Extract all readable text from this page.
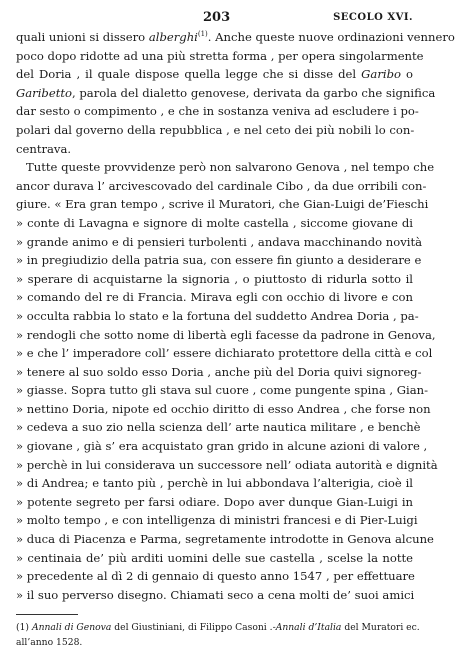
203	SECOLO XVI.
quali unioni si dissero alberghi$^{(1)}$. Anche queste nuove ordinazioni vennero
poco dopo ridotte ad una più stretta forma , per opera singolarmente
del Doria , il quale dispose quella legge che si disse del Garibo o
Garibetto, parola del dialetto genovese, derivata da garbo che significa
dar sesto o compimento , e che in sostanza veniva ad escludere i po-
polari dal governo della repubblica , e nel ceto dei più nobili lo con-
centrava.
Tutte queste provvidenze però non salvarono Genova , nel tempo che
ancor durava l’ arcivescovado del cardinale Cibo , da due orribili con-
giure. « Era gran tempo , scrive il Muratori, che Gian-Luigi de’Fieschi
» conte di Lavagna e signore di molte castella , siccome giovane di
» grande animo e di pensieri turbolenti , andava macchinando novità
» in pregiudizio della patria sua, con essere fin giunto a desiderare e
» sperare di acquistarne la signoria , o piuttosto di ridurla sotto il
» comando del re di Francia. Mirava egli con occhio di livore e con
» occulta rabbia lo stato e la fortuna del suddetto Andrea Doria , pa-
» rendogli che sotto nome di libertà egli facesse da padrone in Genova,
» e che l’ imperadore coll’ essere dichiarato protettore della città e col
» tenere al suo soldo esso Doria , anche più del Doria quivi signoreg-
» giasse. Sopra tutto gli stava sul cuore , come pungente spina , Gian-
» nettino Doria, nipote ed occhio diritto di esso Andrea , che forse non
» cedeva a suo zio nella scienza dell’ arte nautica militare , e benchè
» giovane , già s’ era acquistato gran grido in alcune azioni di valore ,
» perchè in lui considerava un successore nell’ odiata autorità e dignità
» di Andrea; e tanto più , perchè in lui abbondava l’alterigia, cioè il
» potente segreto per farsi odiare. Dopo aver dunque Gian-Luigi in
» molto tempo , e con intelligenza di ministri francesi e di Pier-Luigi
» duca di Piacenza e Parma, segretamente introdotte in Genova alcune
» centinaia de’ più arditi uomini delle sue castella , scelse la notte
» precedente al dì 2 di gennaio di questo anno 1547 , per effettuare
» il suo perverso disegno. Chiamati seco a cena molti de’ suoi amici
(1) Annali di Genova del Giustiniani, di Filippo Casoni .-Annali d’Italia del Muratori ec.
all’anno 1528.
